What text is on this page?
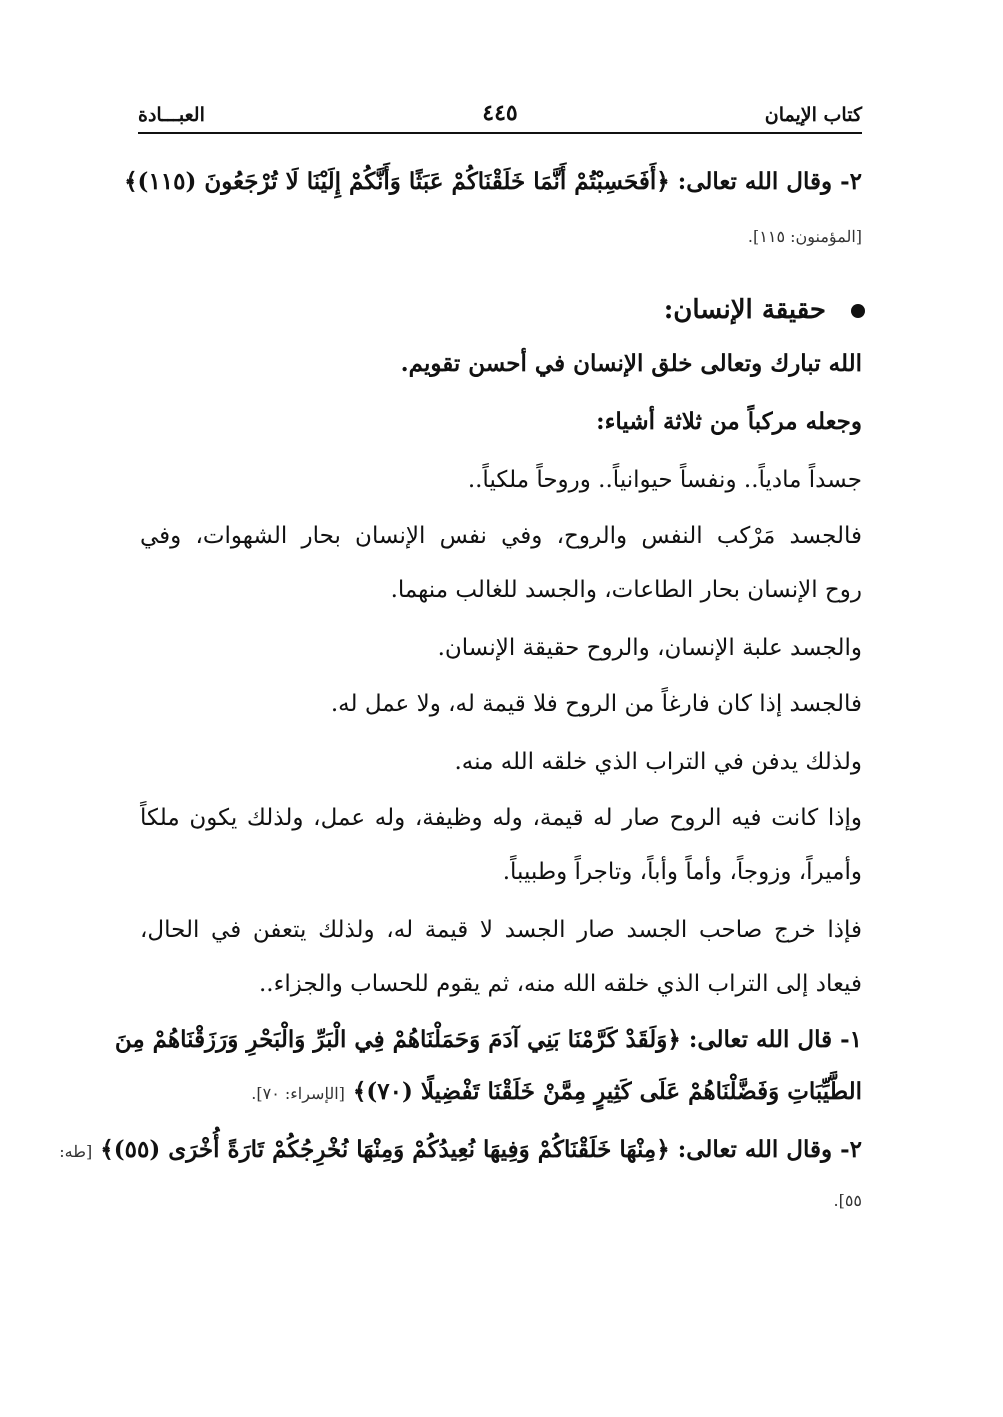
كتاب الإيمان
٤٤٥
العبـــادة
٢- وقال الله تعالى: ﴿أَفَحَسِبْتُمْ أَنَّمَا خَلَقْنَاكُمْ عَبَثًا وَأَنَّكُمْ إِلَيْنَا لَا تُرْجَعُونَ (١١٥)﴾
[المؤمنون: ١١٥].
حقيقة الإنسان:
الله تبارك وتعالى خلق الإنسان في أحسن تقويم.
وجعله مركباً من ثلاثة أشياء:
جسداً مادياً.. ونفساً حيوانياً.. وروحاً ملكياً..
فالجسد مَرْكب النفس والروح، وفي نفس الإنسان بحار الشهوات، وفي
روح الإنسان بحار الطاعات، والجسد للغالب منهما.
والجسد علبة الإنسان، والروح حقيقة الإنسان.
فالجسد إذا كان فارغاً من الروح فلا قيمة له، ولا عمل له.
ولذلك يدفن في التراب الذي خلقه الله منه.
وإذا كانت فيه الروح صار له قيمة، وله وظيفة، وله عمل، ولذلك يكون ملكاً
وأميراً، وزوجاً، وأماً وأباً، وتاجراً وطبيباً.
فإذا خرج صاحب الجسد صار الجسد لا قيمة له، ولذلك يتعفن في الحال،
فيعاد إلى التراب الذي خلقه الله منه، ثم يقوم للحساب والجزاء..
١- قال الله تعالى: ﴿وَلَقَدْ كَرَّمْنَا بَنِي آدَمَ وَحَمَلْنَاهُمْ فِي الْبَرِّ وَالْبَحْرِ وَرَزَقْنَاهُمْ مِنَ
الطَّيِّبَاتِ وَفَضَّلْنَاهُمْ عَلَى كَثِيرٍ مِمَّنْ خَلَقْنَا تَفْضِيلًا (٧٠)﴾ [الإسراء: ٧٠].
٢- وقال الله تعالى: ﴿مِنْهَا خَلَقْنَاكُمْ وَفِيهَا نُعِيدُكُمْ وَمِنْهَا نُخْرِجُكُمْ تَارَةً أُخْرَى (٥٥)﴾ [طه:
٥٥].
